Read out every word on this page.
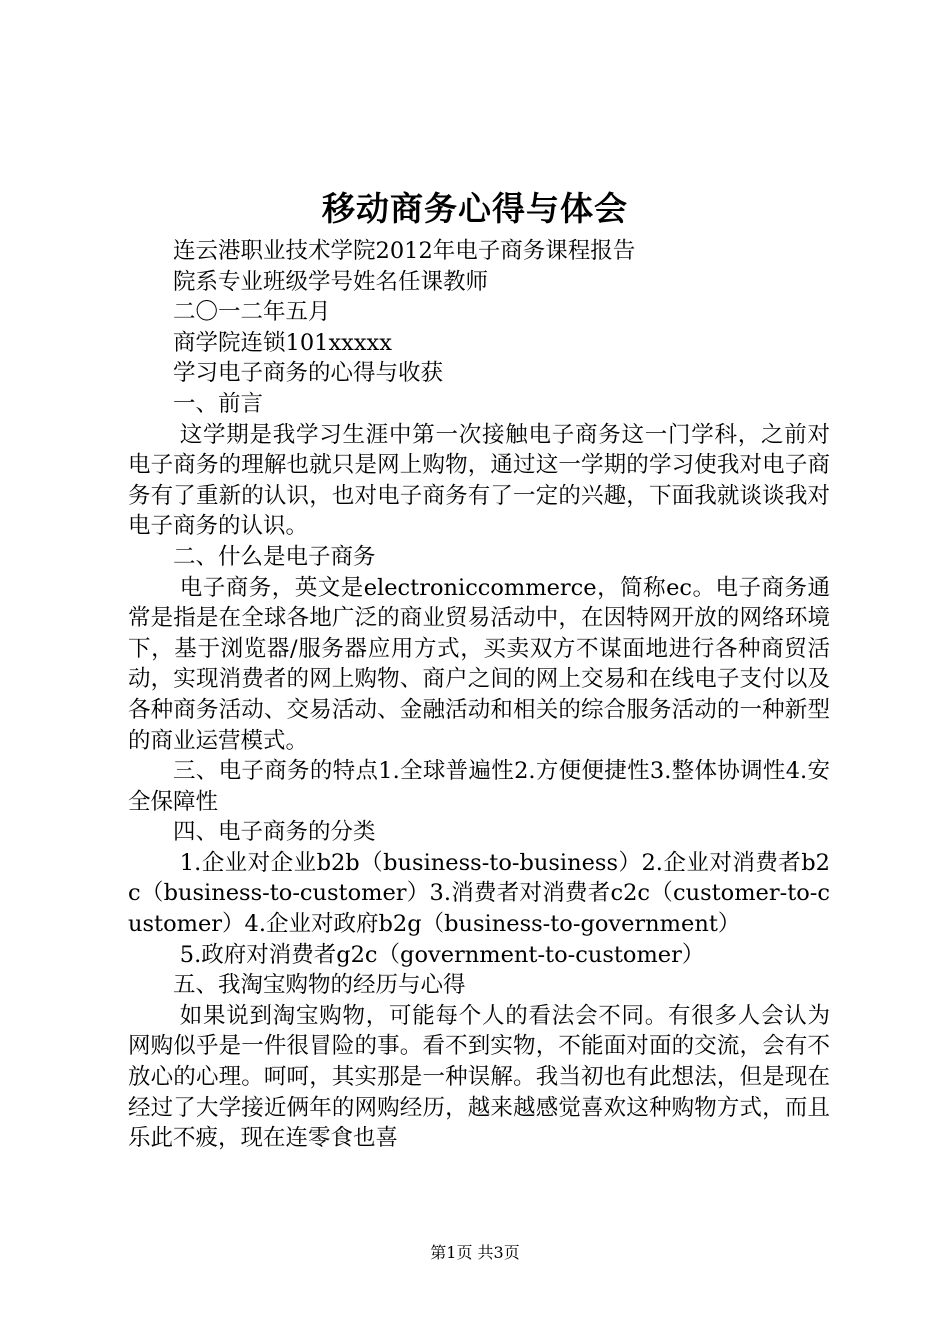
移动商务心得与体会

连云港职业技术学院2012年电子商务课程报告

院系专业班级学号姓名任课教师

二〇一二年五月

商学院连锁101xxxxx

学习电子商务的心得与收获

一、前言

这学期是我学习生涯中第一次接触电子商务这一门学科，之前对电子商务的理解也就只是网上购物，通过这一学期的学习使我对电子商务有了重新的认识，也对电子商务有了一定的兴趣，下面我就谈谈我对电子商务的认识。

二、什么是电子商务

电子商务，英文是electroniccommerce，简称ec。电子商务通常是指是在全球各地广泛的商业贸易活动中，在因特网开放的网络环境下，基于浏览器/服务器应用方式，买卖双方不谋面地进行各种商贸活动，实现消费者的网上购物、商户之间的网上交易和在线电子支付以及各种商务活动、交易活动、金融活动和相关的综合服务活动的一种新型的商业运营模式。

三、电子商务的特点1.全球普遍性2.方便便捷性3.整体协调性4.安全保障性

四、电子商务的分类

1.企业对企业b2b（business-to-business）2.企业对消费者b2c（business-to-customer）3.消费者对消费者c2c（customer-to-customer）4.企业对政府b2g（business-to-government）

5.政府对消费者g2c（government-to-customer）

五、我淘宝购物的经历与心得

如果说到淘宝购物，可能每个人的看法会不同。有很多人会认为网购似乎是一件很冒险的事。看不到实物，不能面对面的交流，会有不放心的心理。呵呵，其实那是一种误解。我当初也有此想法，但是现在经过了大学接近俩年的网购经历，越来越感觉喜欢这种购物方式，而且乐此不疲，现在连零食也喜

第1页 共3页
